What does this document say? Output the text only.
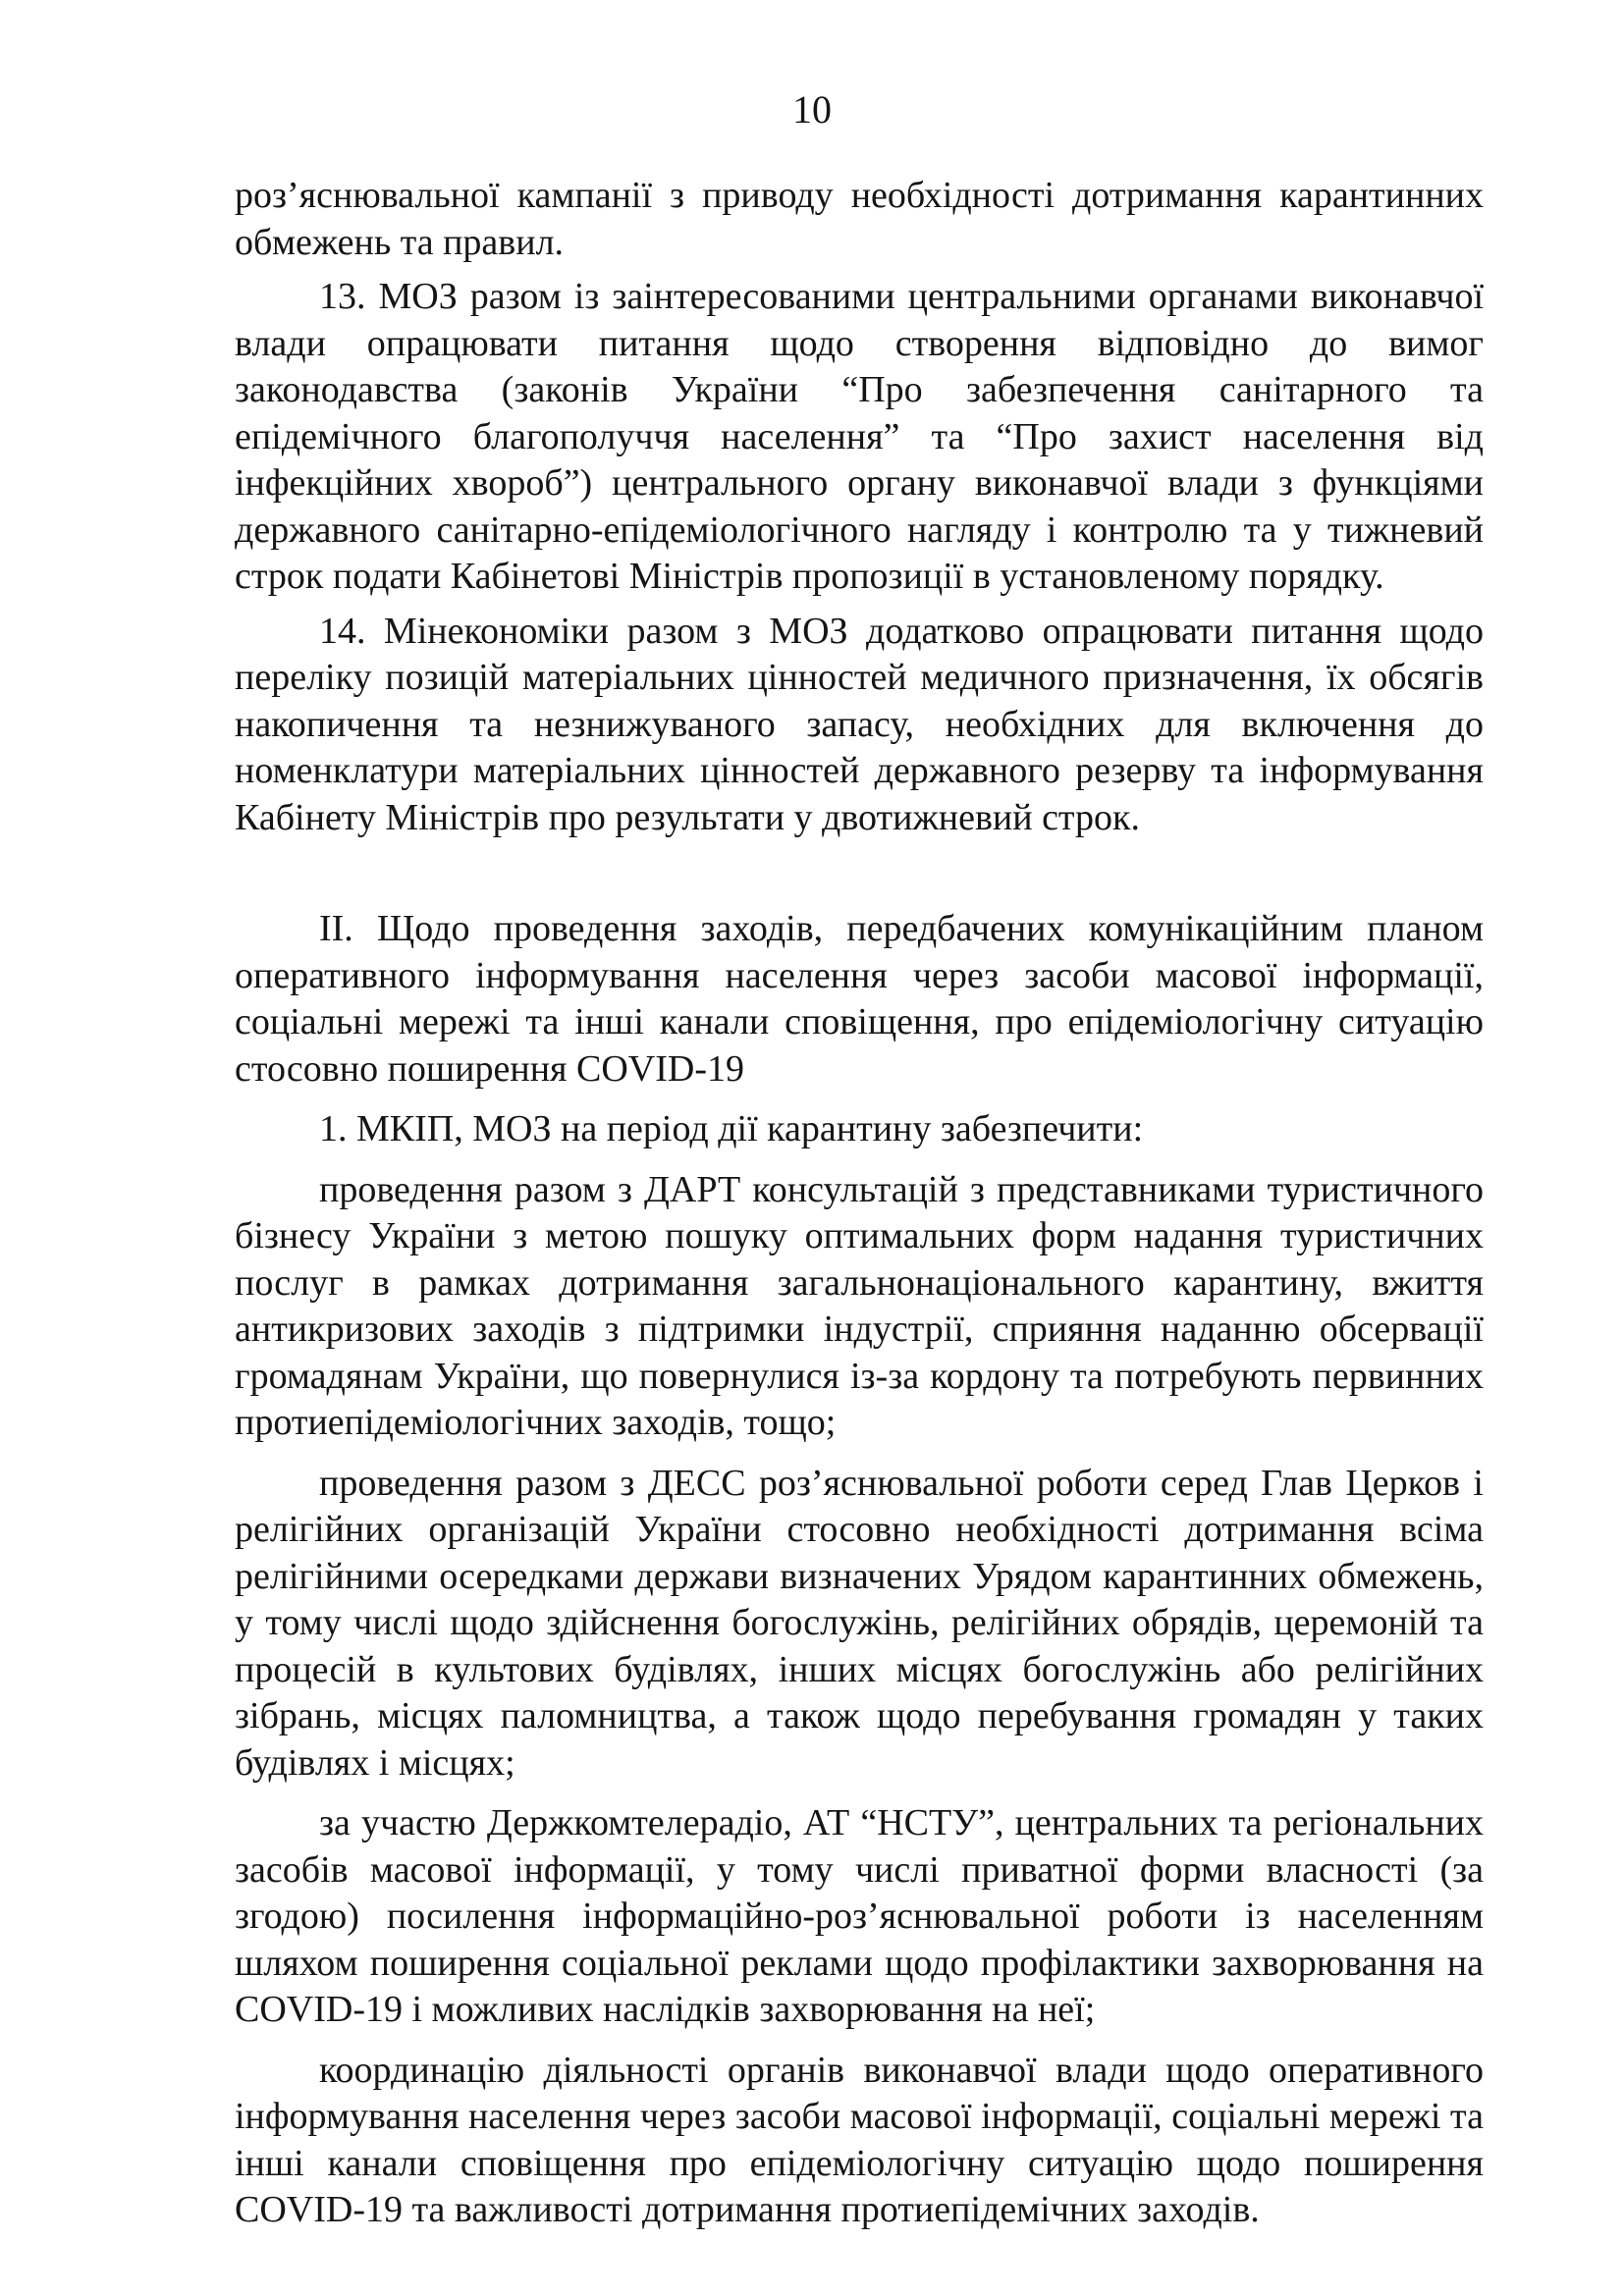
10

роз’яснювальної кампанії з приводу необхідності дотримання карантинних обмежень та правил.

13. МОЗ разом із заінтересованими центральними органами виконавчої влади опрацювати питання щодо створення відповідно до вимог законодавства (законів України “Про забезпечення санітарного та епідемічного благополуччя населення” та “Про захист населення від інфекційних хвороб”) центрального органу виконавчої влади з функціями державного санітарно-епідеміологічного нагляду і контролю та у тижневий строк подати Кабінетові Міністрів пропозиції в установленому порядку.

14. Мінекономіки разом з МОЗ додатково опрацювати питання щодо переліку позицій матеріальних цінностей медичного призначення, їх обсягів накопичення та незнижуваного запасу, необхідних для включення до номенклатури матеріальних цінностей державного резерву та інформування Кабінету Міністрів про результати у двотижневий строк.

II. Щодо проведення заходів, передбачених комунікаційним планом оперативного інформування населення через засоби масової інформації, соціальні мережі та інші канали сповіщення, про епідеміологічну ситуацію стосовно поширення COVID-19

1. МКІП, МОЗ на період дії карантину забезпечити:

проведення разом з ДАРТ консультацій з представниками туристичного бізнесу України з метою пошуку оптимальних форм надання туристичних послуг в рамках дотримання загальнонаціонального карантину, вжиття антикризових заходів з підтримки індустрії, сприяння наданню обсервації громадянам України, що повернулися із-за кордону та потребують первинних протиепідеміологічних заходів, тощо;

проведення разом з ДЕСС роз’яснювальної роботи серед Глав Церков і релігійних організацій України стосовно необхідності дотримання всіма релігійними осередками держави визначених Урядом карантинних обмежень, у тому числі щодо здійснення богослужінь, релігійних обрядів, церемоній та процесій в культових будівлях, інших місцях богослужінь або релігійних зібрань, місцях паломництва, а також щодо перебування громадян у таких будівлях і місцях;

за участю Держкомтелерадіо, АТ “НСТУ”, центральних та регіональних засобів масової інформації, у тому числі приватної форми власності (за згодою) посилення інформаційно-роз’яснювальної роботи із населенням шляхом поширення соціальної реклами щодо профілактики захворювання на COVID-19 і можливих наслідків захворювання на неї;

координацію діяльності органів виконавчої влади щодо оперативного інформування населення через засоби масової інформації, соціальні мережі та інші канали сповіщення про епідеміологічну ситуацію щодо поширення COVID-19 та важливості дотримання протиепідемічних заходів.
